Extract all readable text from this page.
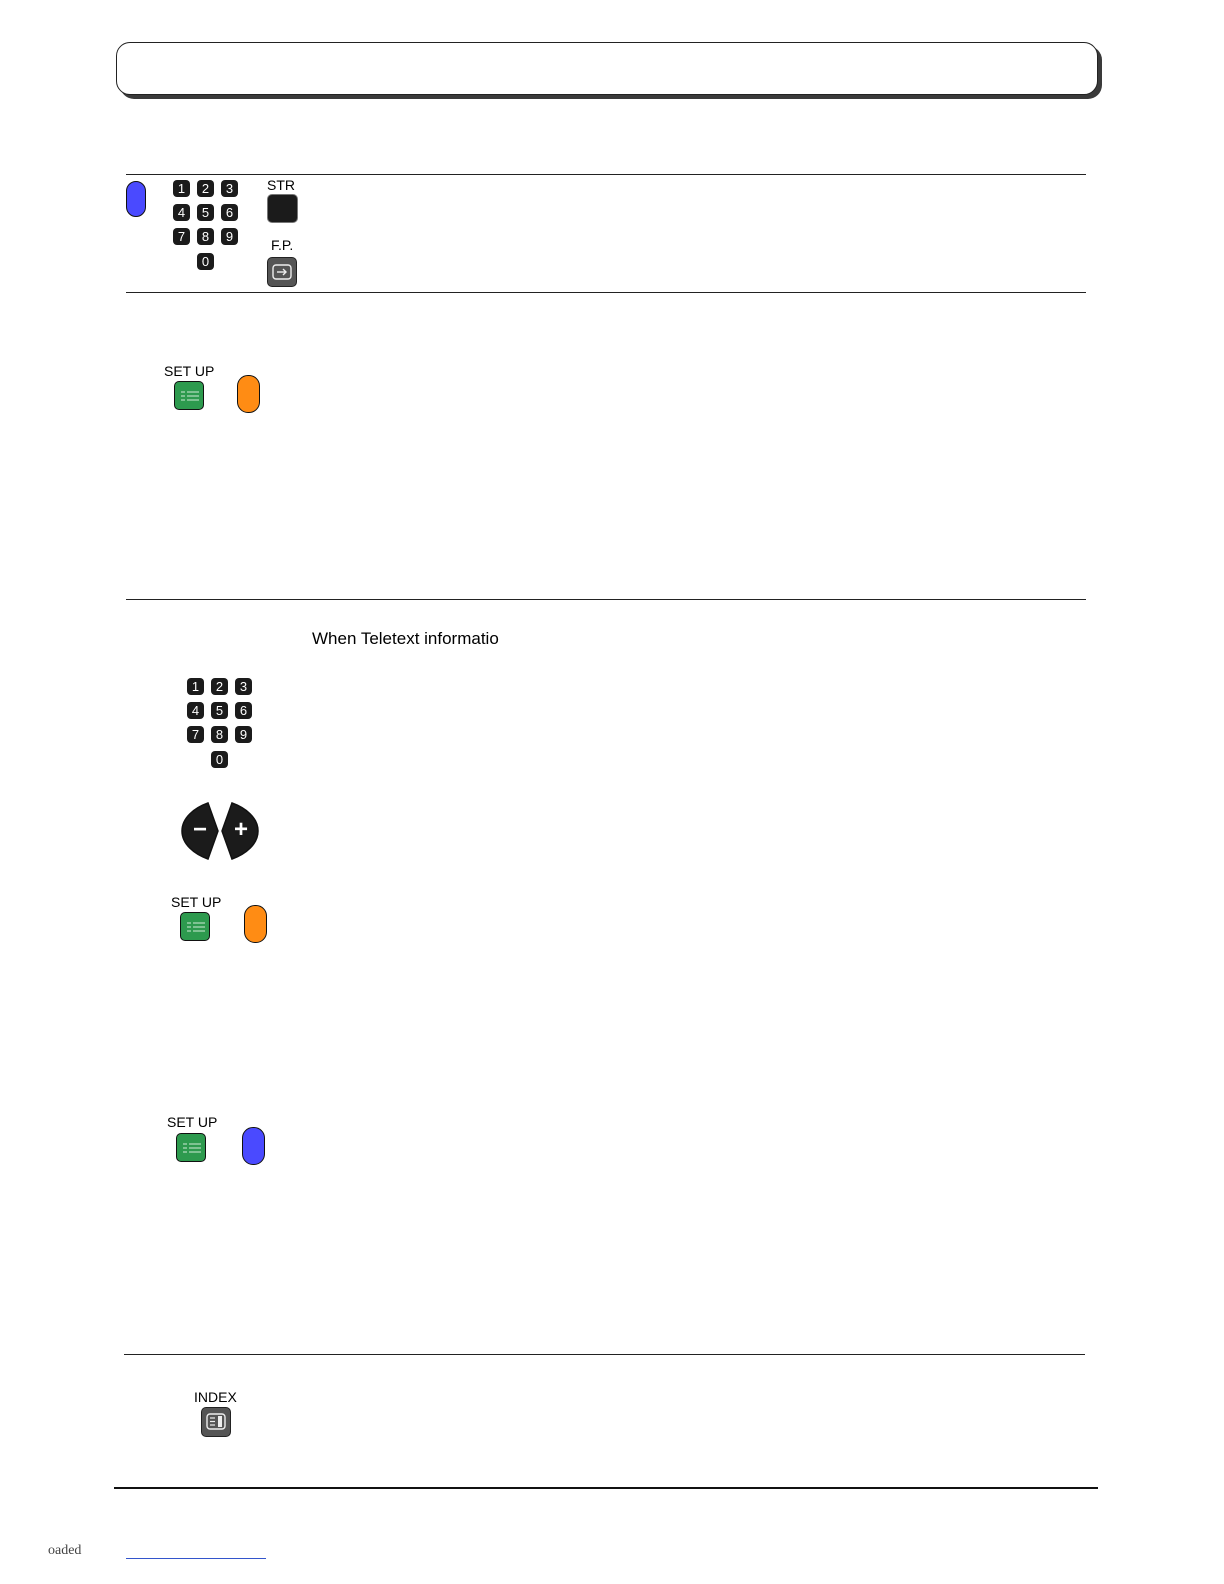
1	2	3
4	5	6
7	8	9
0
STR
F.P.
SET UP
When Teletext informatio
1	2	3
4	5	6
7	8	9
0
− +
SET UP
SET UP
INDEX
oaded
